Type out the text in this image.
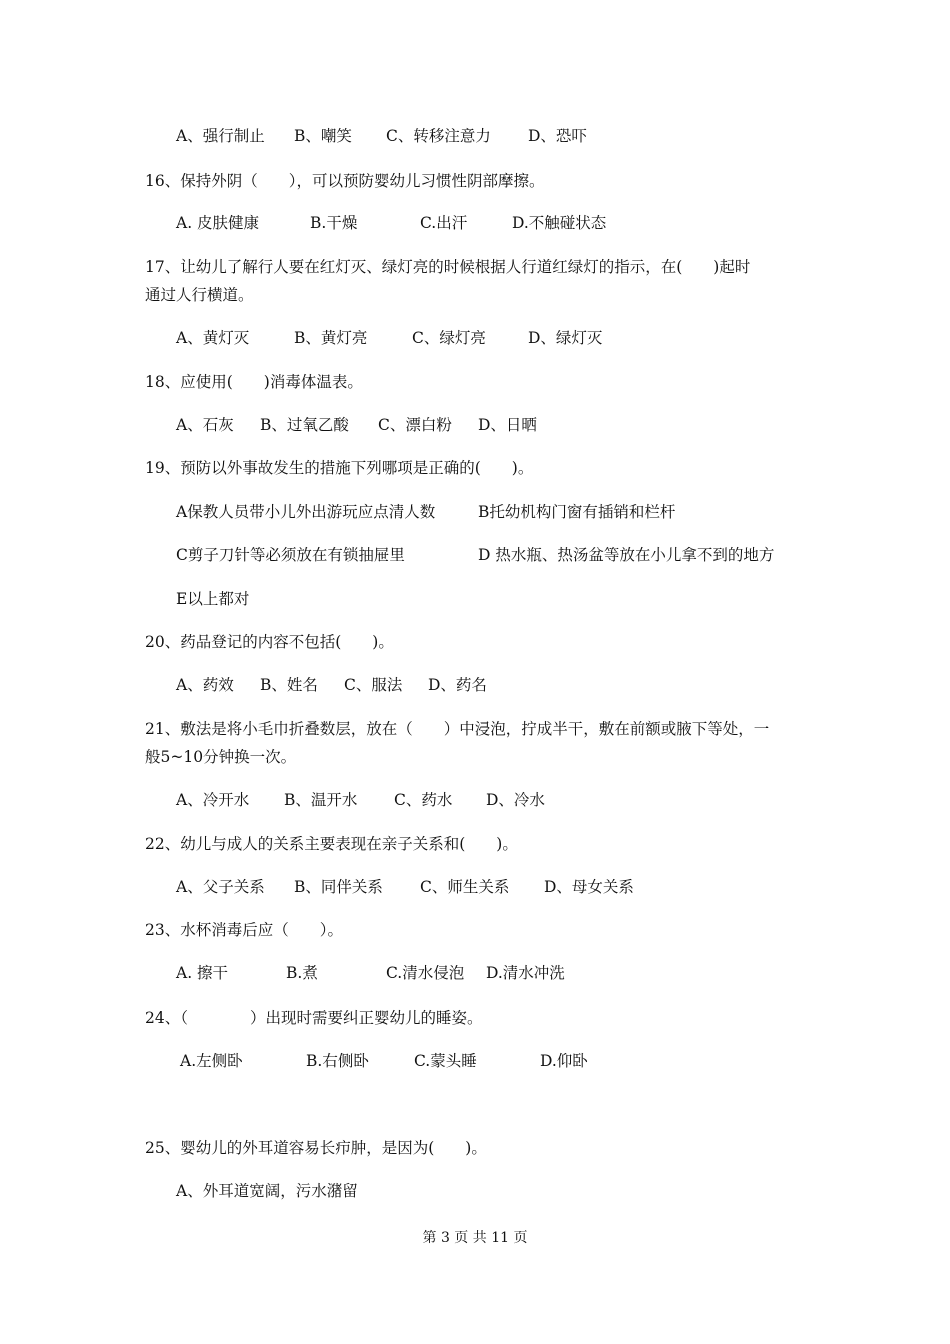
A、强行制止

B、嘲笑

C、转移注意力

D、恐吓

16、保持外阴（　　），可以预防婴幼儿习惯性阴部摩擦。

A. 皮肤健康

	B.干燥

	C.出汗

	D.不触碰状态

17、让幼儿了解行人要在红灯灭、绿灯亮的时候根据人行道红绿灯的指示，在(　　)起时
通过人行横道。

A、黄灯灭

	B、黄灯亮

	C、绿灯亮

	D、绿灯灭

18、应使用(　　)消毒体温表。

A、石灰

B、过氧乙酸

C、漂白粉

D、日晒

19、预防以外事故发生的措施下列哪项是正确的(　　)。

A保教人员带小儿外出游玩应点清人数

	B托幼机构门窗有插销和栏杆

C剪子刀针等必须放在有锁抽屉里

	D 热水瓶、热汤盆等放在小儿拿不到的地方

E以上都对
20、药品登记的内容不包括(　　)。

A、药效

B、姓名

C、服法

D、药名

21、敷法是将小毛巾折叠数层，放在（　　）中浸泡，拧成半干，敷在前额或腋下等处，一
般5~10分钟换一次。

A、冷开水

B、温开水

C、药水

D、冷水

22、幼儿与成人的关系主要表现在亲子关系和(　　)。

A、父子关系

B、同伴关系

C、师生关系

D、母女关系

23、水杯消毒后应（　　）。

A. 擦干

	B.煮

	C.清水侵泡

D.清水冲洗

24、（　　　　）出现时需要纠正婴幼儿的睡姿。

A.左侧卧

	B.右侧卧

	C.蒙头睡

	D.仰卧

25、婴幼儿的外耳道容易长疖肿，是因为(　　)。
A、外耳道宽阔，污水潴留
第 3 页 共 11 页
